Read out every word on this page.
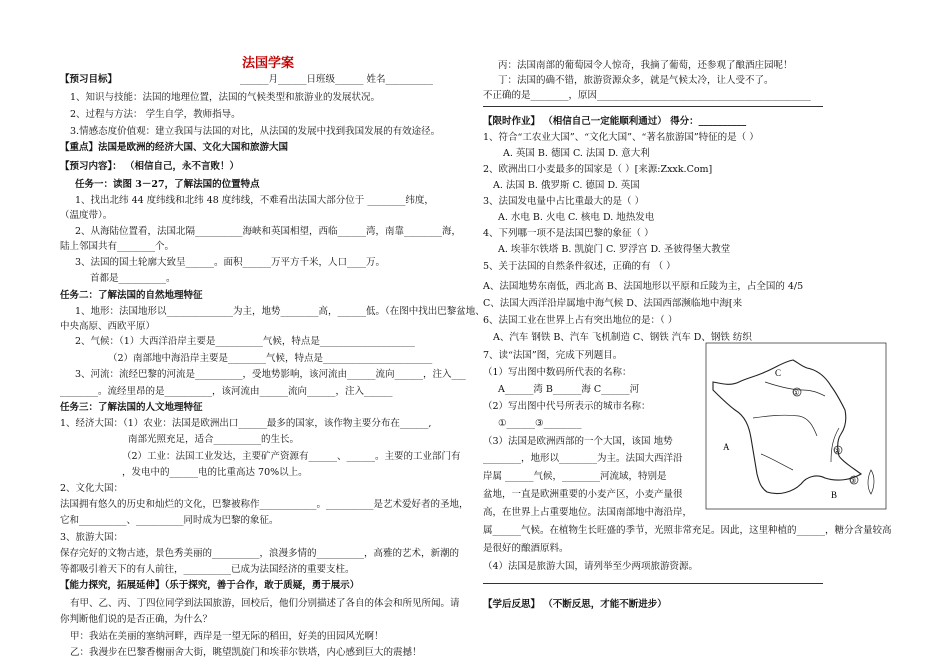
法国学案
【预习目标】	______月______日班级______ 姓名__________
1、知识与技能：法国的地理位置，法国的气候类型和旅游业的发展状况。
2、过程与方法： 学生自学，教师指导。
3.情感态度价值观：建立我国与法国的对比，从法国的发展中找到我国发展的有效途径。
【重点】法国是欧洲的经济大国、文化大国和旅游大国
【预习内容】： （相信自己，永不言败！）
任务一：读图 3－27，了解法国的位置特点
1、找出北纬 44 度纬线和北纬 48 度纬线，不难看出法国大部分位于 ________纬度，
（温度带）。
2、从海陆位置看，法国北隔__________海峡和英国相望，西临______湾，南靠________海，
陆上邻国共有________个。
3、法国的国土轮廓大致呈______。面积______万平方千米，人口____万。
首都是__________。
任务二：了解法国的自然地理特征
1、地形：法国地形以______________为主，地势________高，______低。（在图中找出巴黎盆地、
中央高原、西欧平原）
2、气候：（1）大西洋沿岸主要是__________气候，特点是____________________
（2）南部地中海沿岸主要是________气候，特点是_______________________
3、河流：流经巴黎的河流是__________，受地势影响，该河流由______流向______，注入___
________。流经里昂的是__________，该河流由______流向______，注入______
任务三：了解法国的人文地理特征
1、经济大国：（1）农业：法国是欧洲出口______最多的国家，该作物主要分布在______,
南部光照充足，适合__________的生长。
（2）工业：法国工业发达，主要矿产资源有______、______。主要的工业部门有
，发电中的______电的比重高达 70%以上。
2、文化大国：
法国拥有悠久的历史和灿烂的文化，巴黎被称作____________。__________是艺术爱好者的圣地，
它和__________、__________同时成为巴黎的象征。
3、旅游大国：
保存完好的文物古迹，景色秀美丽的__________，浪漫多情的__________，高雅的艺术，新潮的
等都吸引着天下的有人前往，__________已成为法国经济的重要支柱。
【能力探究，拓展延伸】（乐于探究，善于合作，敢于质疑，勇于展示）
有甲、乙、丙、丁四位同学到法国旅游，回校后，他们分别描述了各自的体会和所见所闻。请
你判断他们说的是否正确，为什么？
甲：我站在美丽的塞纳河畔，西岸是一望无际的稻田，好美的田园风光啊！
乙：我漫步在巴黎香榭丽舍大街，眺望凯旋门和埃菲尔铁塔，内心感到巨大的震撼！
丙：法国南部的葡萄园令人惊奇，我摘了葡萄，还参观了酿酒庄园呢！
丁：法国的确不错，旅游资源众多，就是气候太冷，让人受不了。
不正确的是________，原因_____________________________________________
【限时作业】 （相信自己一定能顺利通过） 得分：__________
1、符合“工农业大国”、“文化大国”、“著名旅游国”特征的是（ ）
A. 英国 B. 德国 C. 法国 D. 意大利
2、欧洲出口小麦最多的国家是（ ）[来源:Zxxk.Com]
A. 法国 B. 俄罗斯 C. 德国 D. 英国
3、法国发电量中占比重最大的是（ ）
A. 水电 B. 火电 C. 核电 D. 地热发电
4、下列哪一项不是法国巴黎的象征（ ）
A. 埃菲尔铁塔 B. 凯旋门 C. 罗浮宫 D. 圣彼得堡大教堂
5、关于法国的自然条件叙述，正确的有 （ ）
A、法国地势东南低，西北高 B、法国地形以平原和丘陵为主，占全国的 4/5
C、法国大西洋沿岸属地中海气候 D、法国西部濒临地中海[来
6、法国工业在世界上占有突出地位的是：（ ）
A、汽车 钢铁 B、汽车 飞机制造 C、钢铁 汽车 D、钢铁 纺织
7、读“法国”图，完成下列题目。
（1）写出图中数码所代表的名称：
A______湾 B______海 C______河
（2）写出图中代号所表示的城市名称：
①______③________
（3）法国是欧洲西部的一个大国，该国 地势
________，地形以________为主。法国大西洋沿
岸属 ______气候，________河流域，特别是
盆地，一直是欧洲重要的小麦产区，小麦产量很
高，在世界上占重要地位。法国南部地中海沿岸，
属______气候。在植物生长旺盛的季节，光照非常充足。因此，这里种植的______，糖分含量较高
是很好的酿酒原料。
（4）法国是旅游大国，请列举至少两项旅游资源。
【学后反思】 （不断反思，才能不断进步）
C
①
A	②
③
B
